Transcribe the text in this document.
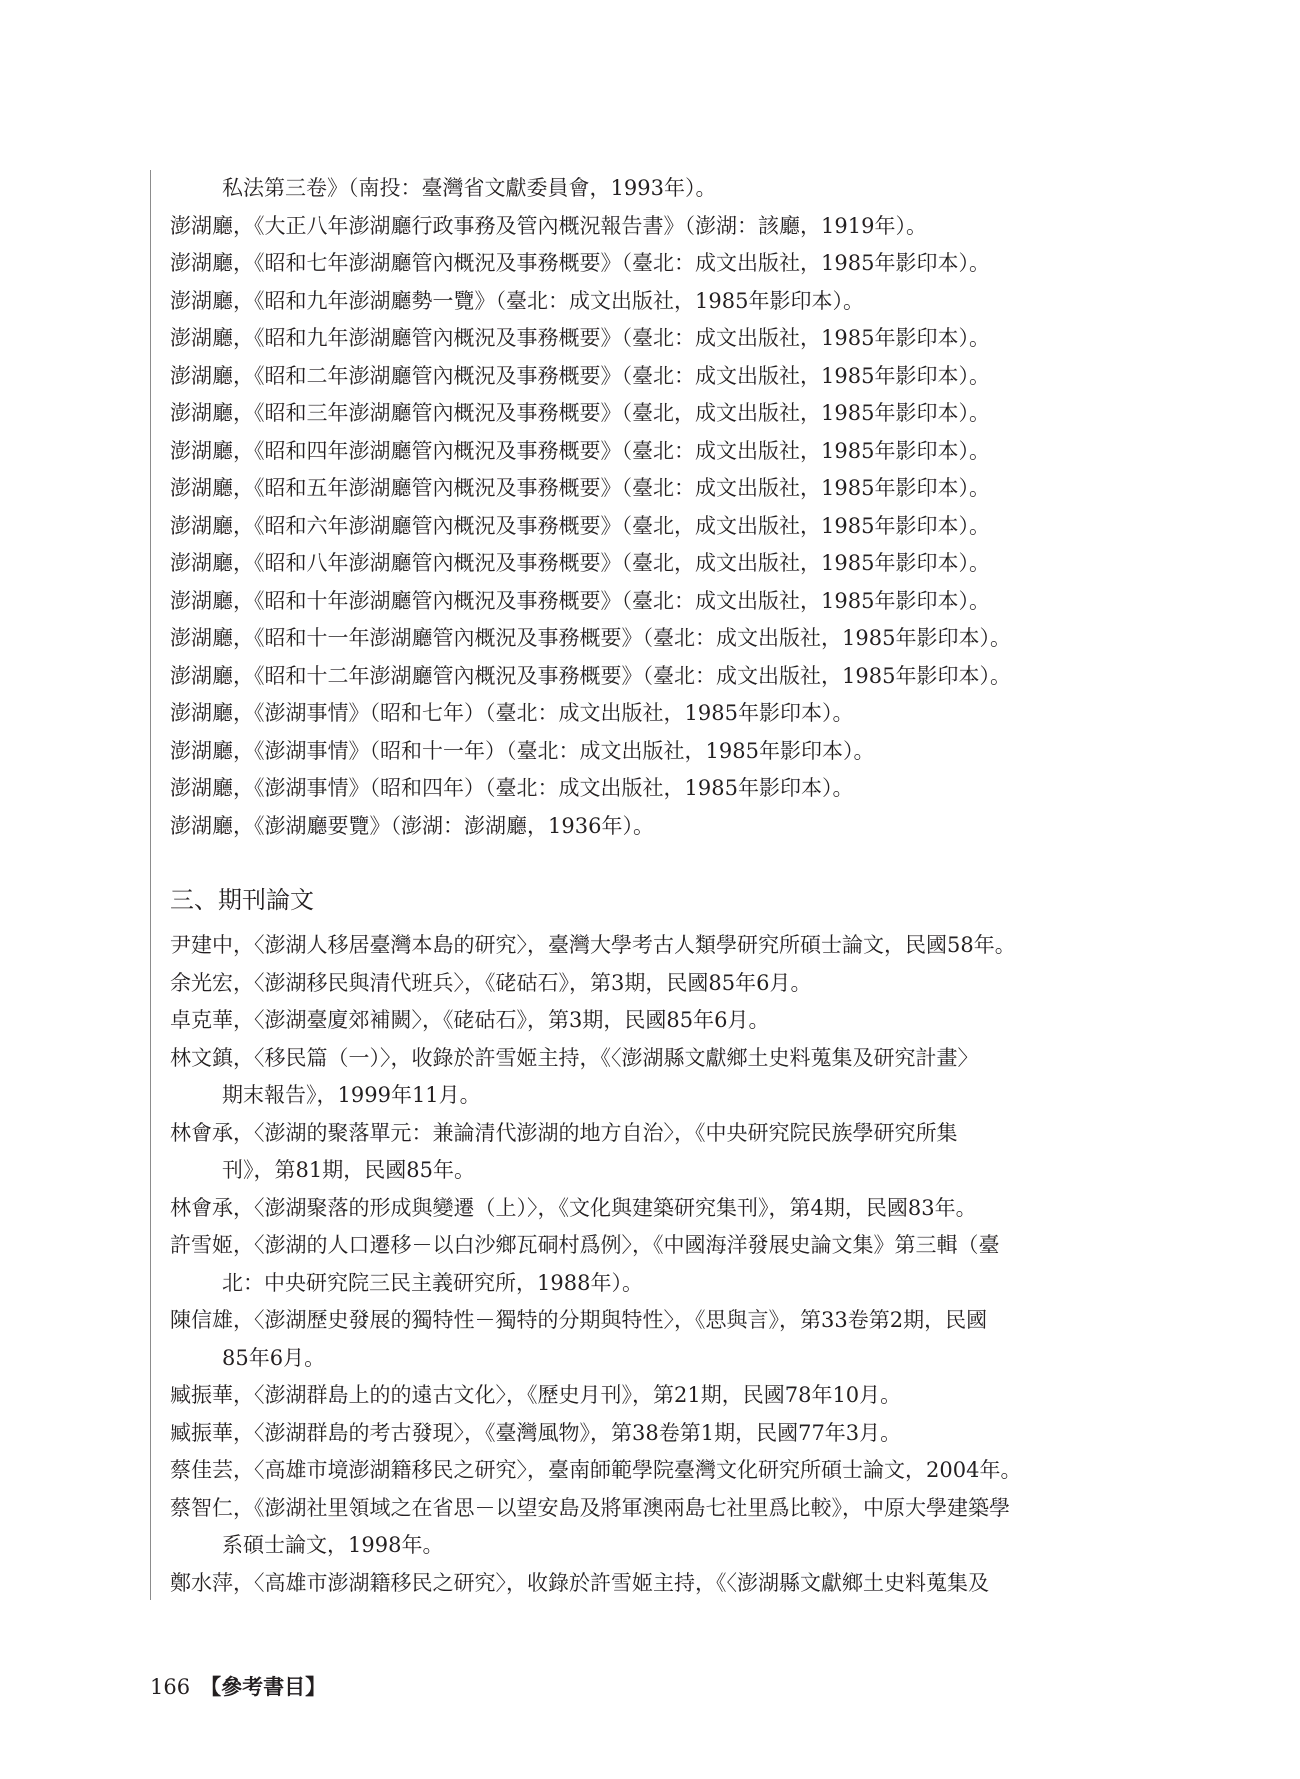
私法第三卷》（南投：臺灣省文獻委員會，1993年）。
澎湖廳，《大正八年澎湖廳行政事務及管內概況報告書》（澎湖：該廳，1919年）。
澎湖廳，《昭和七年澎湖廳管內概況及事務概要》（臺北：成文出版社，1985年影印本）。
澎湖廳，《昭和九年澎湖廳勢一覽》（臺北：成文出版社，1985年影印本）。
澎湖廳，《昭和九年澎湖廳管內概況及事務概要》（臺北：成文出版社，1985年影印本）。
澎湖廳，《昭和二年澎湖廳管內概況及事務概要》（臺北：成文出版社，1985年影印本）。
澎湖廳，《昭和三年澎湖廳管內概況及事務概要》（臺北，成文出版社，1985年影印本）。
澎湖廳，《昭和四年澎湖廳管內概況及事務概要》（臺北：成文出版社，1985年影印本）。
澎湖廳，《昭和五年澎湖廳管內概況及事務概要》（臺北：成文出版社，1985年影印本）。
澎湖廳，《昭和六年澎湖廳管內概況及事務概要》（臺北，成文出版社，1985年影印本）。
澎湖廳，《昭和八年澎湖廳管內概況及事務概要》（臺北，成文出版社，1985年影印本）。
澎湖廳，《昭和十年澎湖廳管內概況及事務概要》（臺北：成文出版社，1985年影印本）。
澎湖廳，《昭和十一年澎湖廳管內概況及事務概要》（臺北：成文出版社，1985年影印本）。
澎湖廳，《昭和十二年澎湖廳管內概況及事務概要》（臺北：成文出版社，1985年影印本）。
澎湖廳，《澎湖事情》（昭和七年）（臺北：成文出版社，1985年影印本）。
澎湖廳，《澎湖事情》（昭和十一年）（臺北：成文出版社，1985年影印本）。
澎湖廳，《澎湖事情》（昭和四年）（臺北：成文出版社，1985年影印本）。
澎湖廳，《澎湖廳要覽》（澎湖：澎湖廳，1936年）。
三、期刊論文
尹建中，〈澎湖人移居臺灣本島的研究〉，臺灣大學考古人類學研究所碩士論文，民國58年。
余光宏，〈澎湖移民與清代班兵〉，《硓𥑮石》，第3期，民國85年6月。
卓克華，〈澎湖臺廈郊補闕〉，《硓𥑮石》，第3期，民國85年6月。
林文鎮，〈移民篇（一）〉，收錄於許雪姬主持，《〈澎湖縣文獻鄉土史料蒐集及研究計畫〉
期末報告》，1999年11月。
林會承，〈澎湖的聚落單元：兼論清代澎湖的地方自治〉，《中央研究院民族學研究所集
刊》，第81期，民國85年。
林會承，〈澎湖聚落的形成與變遷（上）〉，《文化與建築研究集刊》，第4期，民國83年。
許雪姬，〈澎湖的人口遷移－以白沙鄉瓦硐村爲例〉，《中國海洋發展史論文集》第三輯（臺
北：中央研究院三民主義研究所，1988年）。
陳信雄，〈澎湖歷史發展的獨特性－獨特的分期與特性〉，《思與言》，第33卷第2期，民國
85年6月。
臧振華，〈澎湖群島上的的遠古文化〉，《歷史月刊》，第21期，民國78年10月。
臧振華，〈澎湖群島的考古發現〉，《臺灣風物》，第38卷第1期，民國77年3月。
蔡佳芸，〈高雄市境澎湖籍移民之研究〉，臺南師範學院臺灣文化研究所碩士論文，2004年。
蔡智仁，《澎湖社里領域之在省思－以望安島及將軍澳兩島七社里爲比較》，中原大學建築學
系碩士論文，1998年。
鄭水萍，〈高雄市澎湖籍移民之研究〉，收錄於許雪姬主持，《〈澎湖縣文獻鄉土史料蒐集及
166 【參考書目】
